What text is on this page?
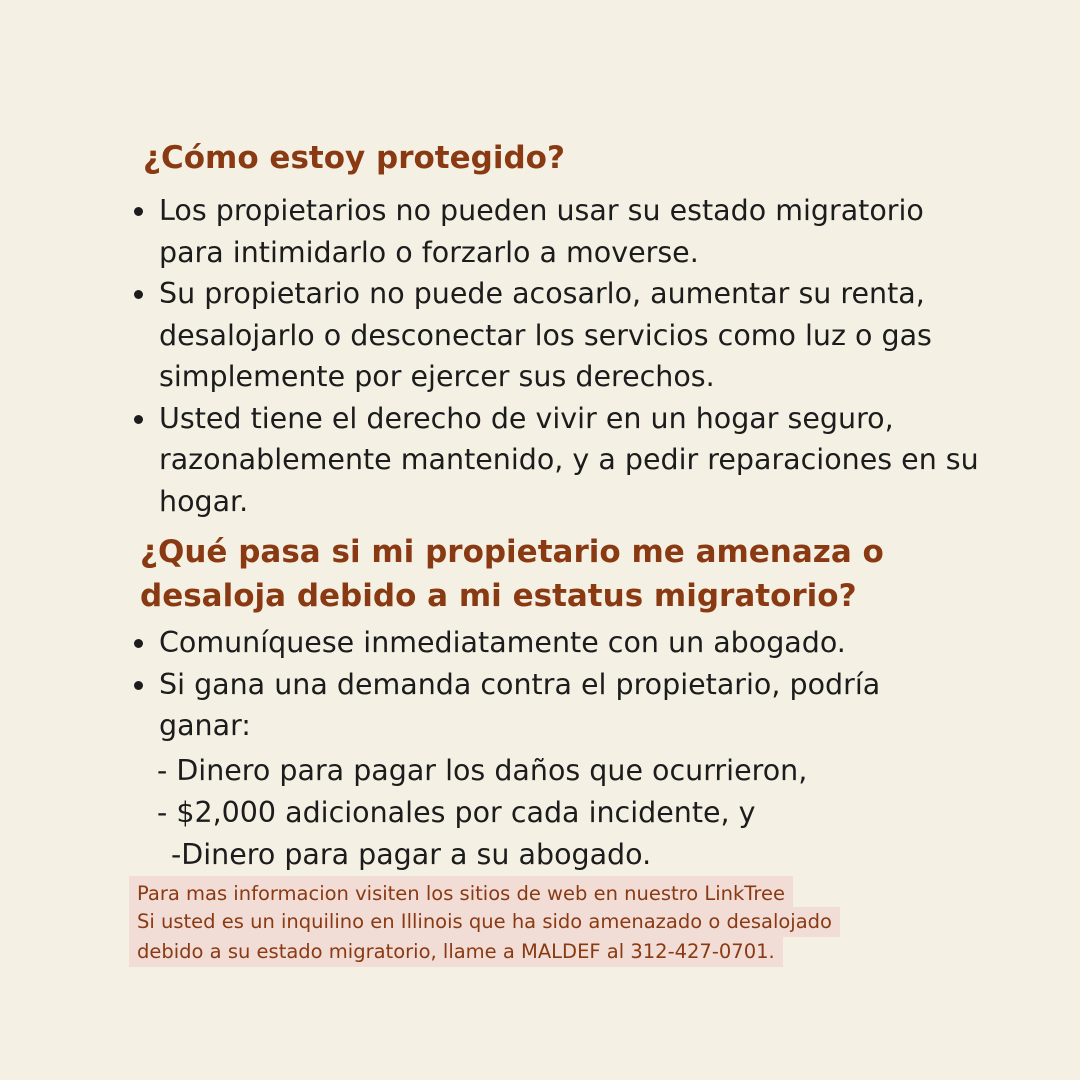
¿Cómo estoy protegido?
Los propietarios no pueden usar su estado migratorio para intimidarlo o forzarlo a moverse.
Su propietario no puede acosarlo, aumentar su renta, desalojarlo o desconectar los servicios como luz o gas simplemente por ejercer sus derechos.
Usted tiene el derecho de vivir en un hogar seguro, razonablemente mantenido, y a pedir reparaciones en su hogar.
¿Qué pasa si mi propietario me amenaza o desaloja debido a mi estatus migratorio?
Comuníquese inmediatamente con un abogado.
Si gana una demanda contra el propietario, podría ganar:
- Dinero para pagar los daños que ocurrieron,
- $2,000 adicionales por cada incidente, y
-Dinero para pagar a su abogado.
Para mas informacion visiten los sitios de web en nuestro LinkTree
Si usted es un inquilino en Illinois que ha sido amenazado o desalojado
debido a su estado migratorio, llame a MALDEF al 312-427-0701.
